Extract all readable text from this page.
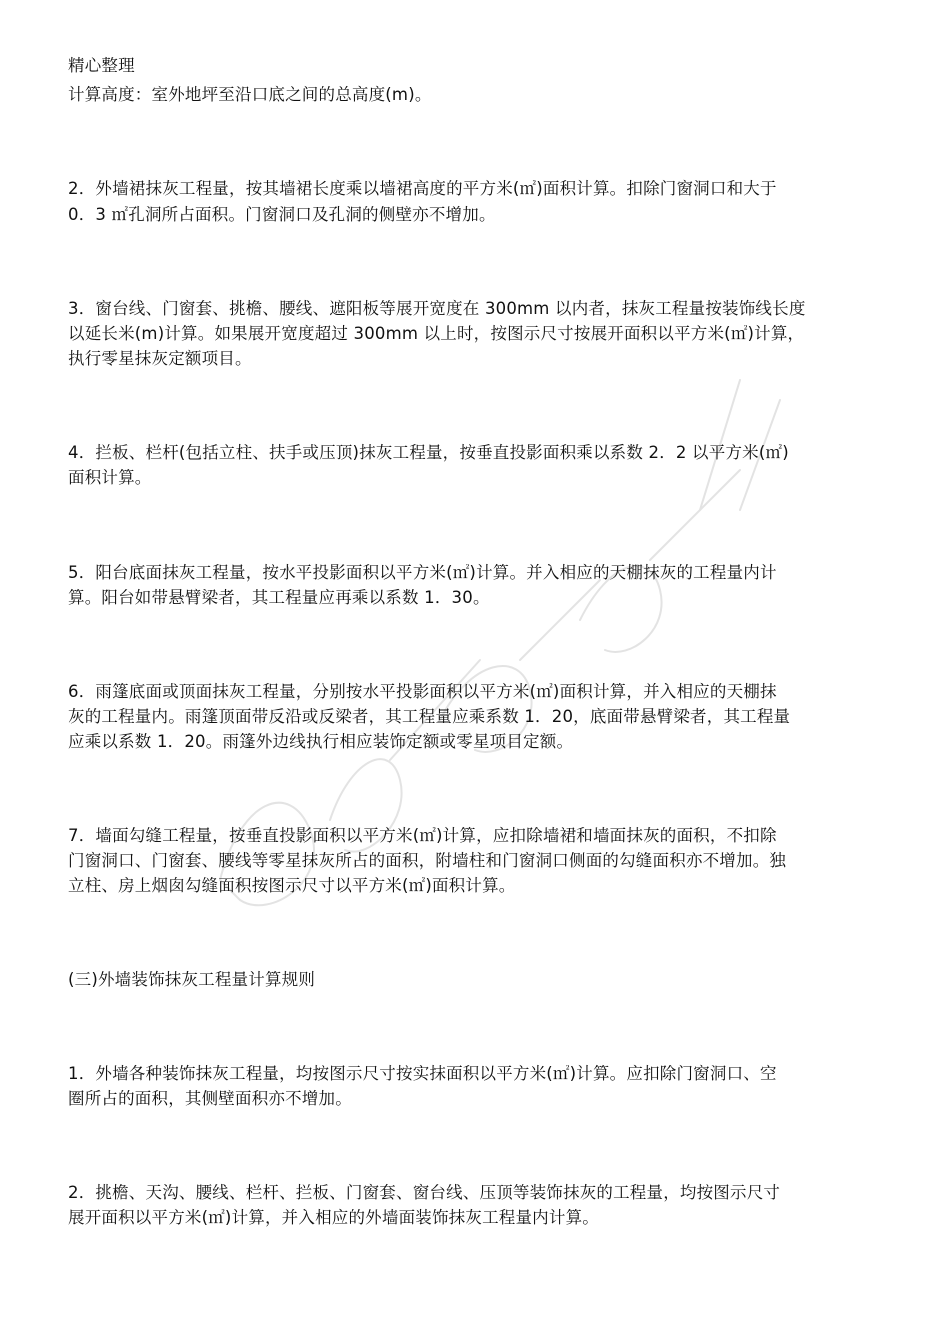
精心整理
计算高度：室外地坪至沿口底之间的总高度(m)。
2．外墙裙抹灰工程量，按其墙裙长度乘以墙裙高度的平方米(㎡)面积计算。扣除门窗洞口和大于
0．3 ㎡孔洞所占面积。门窗洞口及孔洞的侧壁亦不增加。
3．窗台线、门窗套、挑檐、腰线、遮阳板等展开宽度在 300mm 以内者，抹灰工程量按装饰线长度
以延长米(m)计算。如果展开宽度超过 300mm 以上时，按图示尺寸按展开面积以平方米(㎡)计算，
执行零星抹灰定额项目。
4．拦板、栏杆(包括立柱、扶手或压顶)抹灰工程量，按垂直投影面积乘以系数 2．2 以平方米(㎡)
面积计算。
5．阳台底面抹灰工程量，按水平投影面积以平方米(㎡)计算。并入相应的天棚抹灰的工程量内计
算。阳台如带悬臂梁者，其工程量应再乘以系数 1．30。
6．雨篷底面或顶面抹灰工程量，分别按水平投影面积以平方米(㎡)面积计算，并入相应的天棚抹
灰的工程量内。雨篷顶面带反沿或反梁者，其工程量应乘系数 1．20，底面带悬臂梁者，其工程量
应乘以系数 1．20。雨篷外边线执行相应装饰定额或零星项目定额。
7．墙面勾缝工程量，按垂直投影面积以平方米(㎡)计算，应扣除墙裙和墙面抹灰的面积，不扣除
门窗洞口、门窗套、腰线等零星抹灰所占的面积，附墙柱和门窗洞口侧面的勾缝面积亦不增加。独
立柱、房上烟囱勾缝面积按图示尺寸以平方米(㎡)面积计算。
(三)外墙装饰抹灰工程量计算规则
1．外墙各种装饰抹灰工程量，均按图示尺寸按实抹面积以平方米(㎡)计算。应扣除门窗洞口、空
圈所占的面积，其侧壁面积亦不增加。
2．挑檐、天沟、腰线、栏杆、拦板、门窗套、窗台线、压顶等装饰抹灰的工程量，均按图示尺寸
展开面积以平方米(㎡)计算，并入相应的外墙面装饰抹灰工程量内计算。
